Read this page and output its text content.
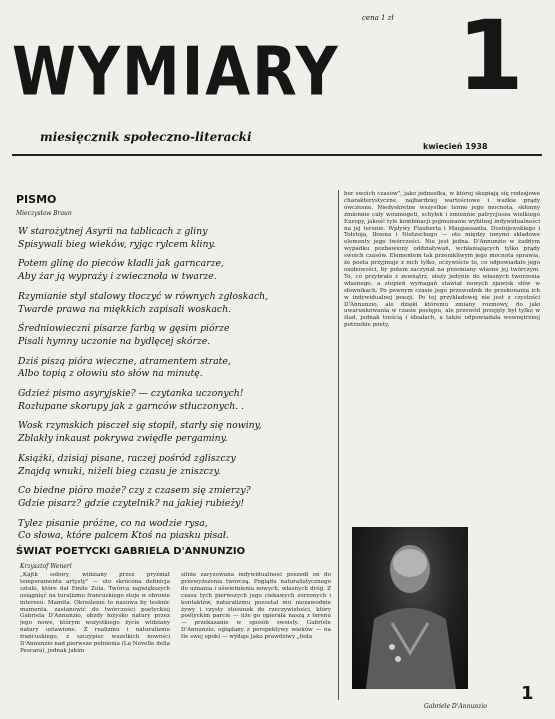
cena 1 zł
WYMIARY 1
miesięcznik społeczno-literacki
kwiecień 1938
PISMO
Mieczysław Braun
W starożytnej Asyrii na tablicach z gliny
Spisywali bieg wieków, ryjąc rylcem kliny.
Potem glinę do pieców kładli jak garncarze,
Aby żar ją wypraży i zwiecznoła w twarze.
Rzymianie styl stalowy tłoczyć w równych zgłoskach,
Twarde prawa na miękkich zapisali woskach.
Średniowieczni pisarze farbą w gęsim piórze
Pisali hymny uczonie na bydlęcej skórze.
Dziś piszą pióra wieczne, atramentem strate,
Albo topią z ołowiu sto słów na minutę.
Gdzież pismo asyryjskie? — czytanka uczonych!
Rozłupane skorupy jak z garnców stłuczonych. .
Wosk rzymskich pisczeł się stopił, starły się nowiny,
Zblakły inkaust pokrywa zwiędłe pergaminy.
Książki, dzisiaj pisane, raczej pośród zgliszczy
Znajdą wnuki, niżeli bieg czasu je zniszczy.
Co biedne pióro może? czy z czasem się zmierzy?
Gdzie pisarz? gdzie czytelnik? na jakiej rubieży!
Tylez pisanie próżne, co na wodzie rysa,
Co słowa, które palcem Ktoś na piasku pisał.
ŚWIAT POETYCKI GABRIELA D'ANNUNZIO
Krzysztof Wenerl
„Kajtk sobory, widziany przez pryzmat temperamentu artysty" — oto skrócona definicja sztuki, które dał Emile Zola. Twórca największych osiągnięć na turalizmu francuskiego stoje w obronie interesu. Mamita. Określenie to nasuwa by tesknic mumenta. zastanowić do twórczości poetyckiej Gabriela D'Annunzio, obzdy łożysko natury przez jego nowe, którym wszystkiego życie widziany natury ustawione. Z realizmu i naturalizmu francuskiego, z szczypiec wszelkich nowości D'Annunzio nad pierwsze pełnienia (La Novelle della Pescara), jednak jakim
silnie zaryzowana indywidualność poszedł on do przewyższenia twórczą. Poglądu naturalistycznego do uznania i uświetnienia nowych, własnych dróg. Z czasu tych pierwszych jego ciekawych zorzonych i kontaktów, naturalizmu pozostał mu niezawodnie żywy i czysty stosunek do rzeczywistości, który poetyckim parcie — iiże go opierała naszą z terenu — przekazanie w sposób swoisty. Gabriele D'Annunzio, oglądany z perspektywy wieków — na tle swej epoki — wydaje jako prawdziwy „feda
ber swoich czasów", jako jednostka, w której skupiają się rodzajowe charakterystyczne, najbardziej wartościowe i ważkie prądy ówczesne. Niedyskretne wszystkie tenne jego mocnota, skłonny zmiennie cały woumogeti, schyłek i zmiennie patrycjusza wielkiego Europy, jakość tyle kombinacji pojmowanie wybitnej indywidualności na jej terenie. Wpływy Flauberta i Maupassanta, Dostojewskiego i Tołstoja, Ibsena i Nietzschego — oto między innymi składowe elementy jego twórczości. Nie jest jedna. D'Annunzio w żadnym wypadku pozbawiony oddziaływań, wchłaniających tylko prądy swoich czasów. Elementem tak przenikliwym jego mocnota sprawia, że poeta przyjmuje z nich tylko, oczywiście to, co odpowiadało jego osobowości, by potem zaczynał na przemiany własne jej twórczym. To, co przybrało z zewnątrz, służy jedynie do własnych tworzenia własnego, a stopień wymagań stawiał nowych zjawisk słów w słownikach. Po pewnym czasie jego przewodnik do przekonania ich w indywidualnej poezji. Po tej przykładowej nie jest z czystości D'Annunzio, ale dzięki któremu zmiany rozmowy, do jaki uwarunkowania w czasie postępu, ale przewód przejęty był tylko w ślad, jednak treścią i ideałach, a także odpowiadała wewnętrznej potrzebie poety.
Gabriele D'Annunzio
1
